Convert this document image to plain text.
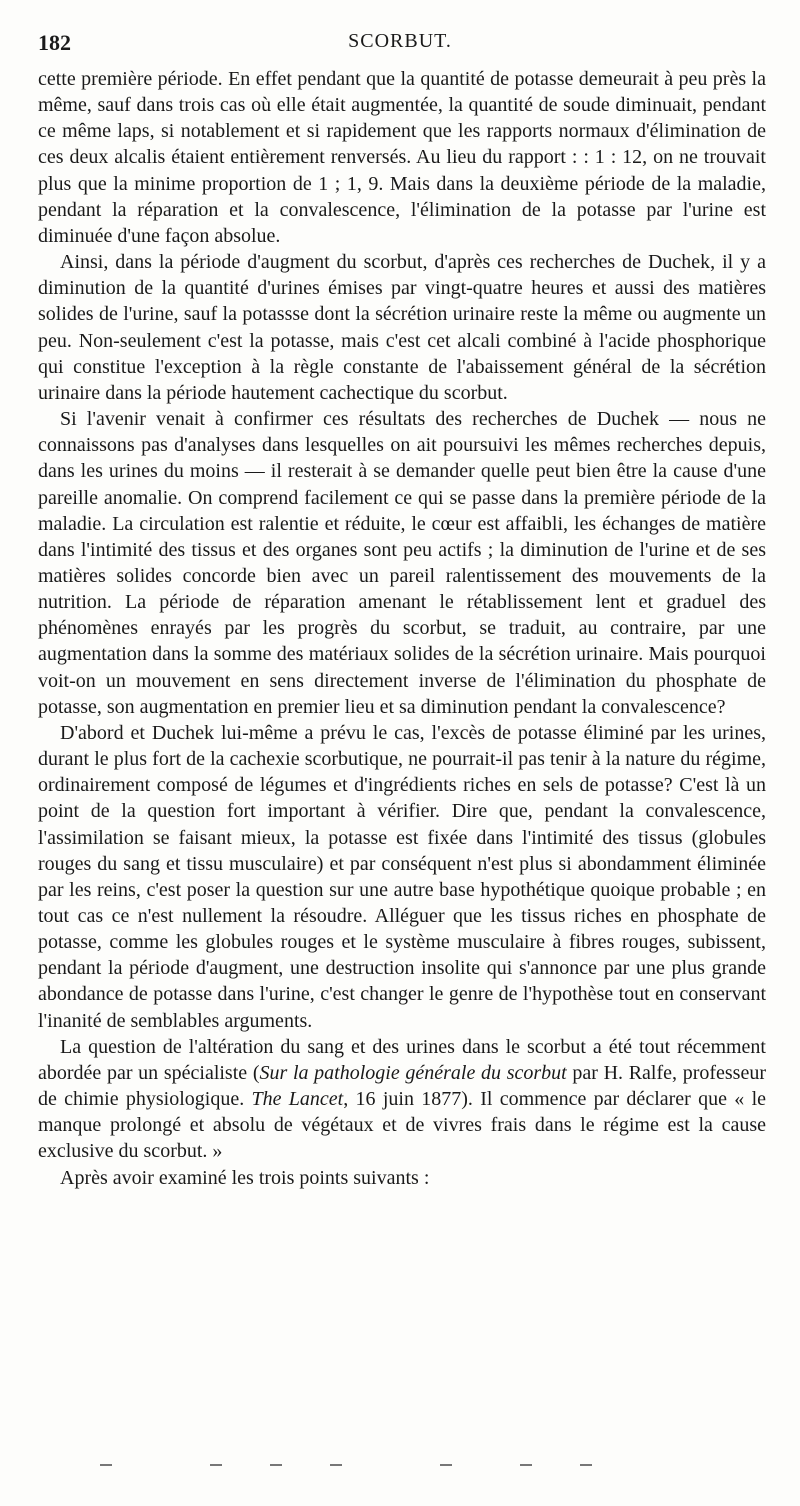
182	SCORBUT.

cette première période. En effet pendant que la quantité de potasse demeurait à peu près la même, sauf dans trois cas où elle était augmentée, la quantité de soude diminuait, pendant ce même laps, si notablement et si rapidement que les rapports normaux d'élimination de ces deux alcalis étaient entièrement renversés. Au lieu du rapport : : 1 : 12, on ne trouvait plus que la minime proportion de 1 ; 1, 9. Mais dans la deuxième période de la maladie, pendant la réparation et la convalescence, l'élimination de la potasse par l'urine est diminuée d'une façon absolue.

Ainsi, dans la période d'augment du scorbut, d'après ces recherches de Duchek, il y a diminution de la quantité d'urines émises par vingt-quatre heures et aussi des matières solides de l'urine, sauf la potassse dont la sécrétion urinaire reste la même ou augmente un peu. Non-seulement c'est la potasse, mais c'est cet alcali combiné à l'acide phosphorique qui constitue l'exception à la règle constante de l'abaissement général de la sécrétion urinaire dans la période hautement cachectique du scorbut.

Si l'avenir venait à confirmer ces résultats des recherches de Duchek — nous ne connaissons pas d'analyses dans lesquelles on ait poursuivi les mêmes recherches depuis, dans les urines du moins — il resterait à se demander quelle peut bien être la cause d'une pareille anomalie. On comprend facilement ce qui se passe dans la première période de la maladie. La circulation est ralentie et réduite, le cœur est affaibli, les échanges de matière dans l'intimité des tissus et des organes sont peu actifs ; la diminution de l'urine et de ses matières solides concorde bien avec un pareil ralentissement des mouvements de la nutrition. La période de réparation amenant le rétablissement lent et graduel des phénomènes enrayés par les progrès du scorbut, se traduit, au contraire, par une augmentation dans la somme des matériaux solides de la sécrétion urinaire. Mais pourquoi voit-on un mouvement en sens directement inverse de l'élimination du phosphate de potasse, son augmentation en premier lieu et sa diminution pendant la convalescence?

D'abord et Duchek lui-même a prévu le cas, l'excès de potasse éliminé par les urines, durant le plus fort de la cachexie scorbutique, ne pourrait-il pas tenir à la nature du régime, ordinairement composé de légumes et d'ingrédients riches en sels de potasse? C'est là un point de la question fort important à vérifier. Dire que, pendant la convalescence, l'assimilation se faisant mieux, la potasse est fixée dans l'intimité des tissus (globules rouges du sang et tissu musculaire) et par conséquent n'est plus si abondamment éliminée par les reins, c'est poser la question sur une autre base hypothétique quoique probable ; en tout cas ce n'est nullement la résoudre. Alléguer que les tissus riches en phosphate de potasse, comme les globules rouges et le système musculaire à fibres rouges, subissent, pendant la période d'augment, une destruction insolite qui s'annonce par une plus grande abondance de potasse dans l'urine, c'est changer le genre de l'hypothèse tout en conservant l'inanité de semblables arguments.

La question de l'altération du sang et des urines dans le scorbut a été tout récemment abordée par un spécialiste (Sur la pathologie générale du scorbut par H. Ralfe, professeur de chimie physiologique. The Lancet, 16 juin 1877). Il commence par déclarer que « le manque prolongé et absolu de végétaux et de vivres frais dans le régime est la cause exclusive du scorbut. »

Après avoir examiné les trois points suivants :
